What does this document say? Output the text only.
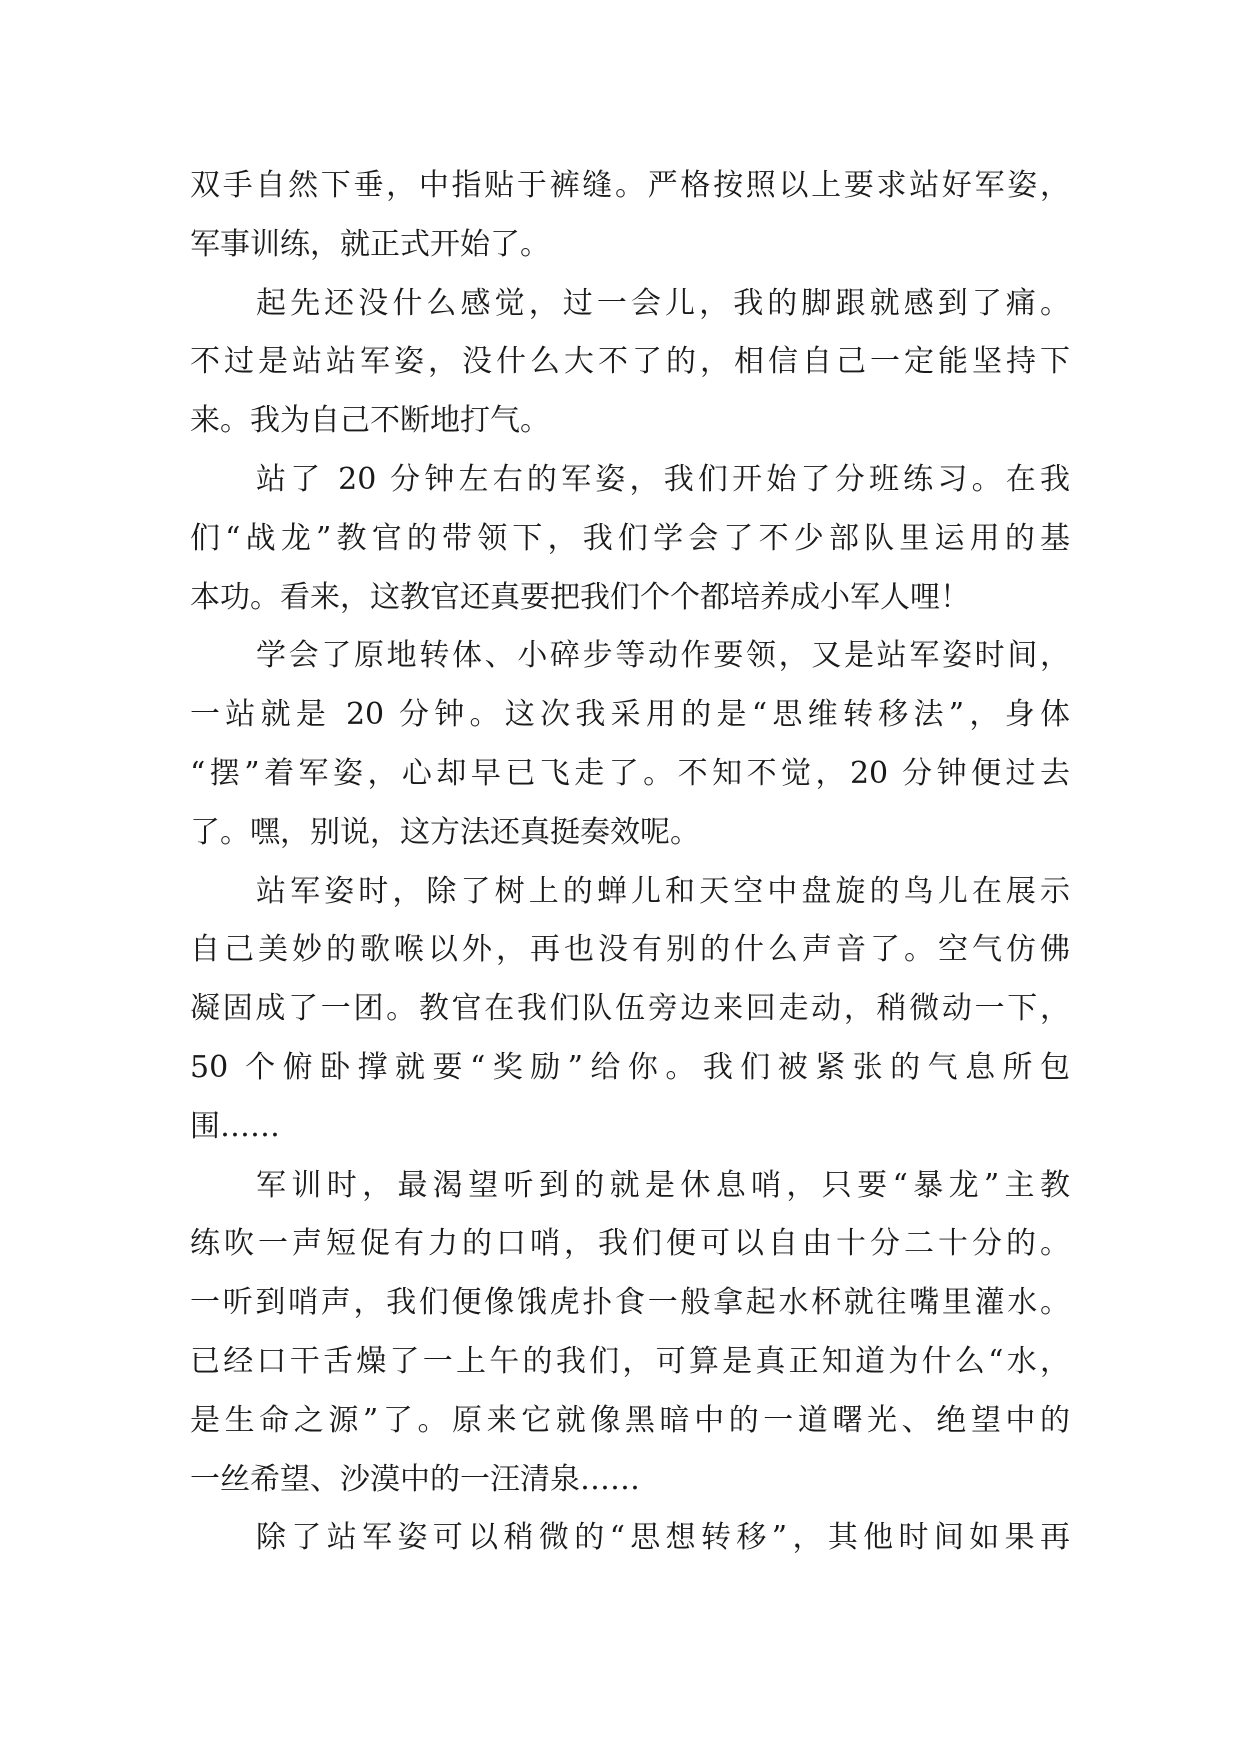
双手自然下垂，中指贴于裤缝。严格按照以上要求站好军姿，
军事训练，就正式开始了。
起先还没什么感觉，过一会儿，我的脚跟就感到了痛。
不过是站站军姿，没什么大不了的，相信自己一定能坚持下
来。我为自己不断地打气。
站了 20 分钟左右的军姿，我们开始了分班练习。在我
们“战龙”教官的带领下，我们学会了不少部队里运用的基
本功。看来，这教官还真要把我们个个都培养成小军人哩！
学会了原地转体、小碎步等动作要领，又是站军姿时间，
一站就是 20 分钟。这次我采用的是“思维转移法”，身体
“摆”着军姿，心却早已飞走了。不知不觉，20 分钟便过去
了。嘿，别说，这方法还真挺奏效呢。
站军姿时，除了树上的蝉儿和天空中盘旋的鸟儿在展示
自己美妙的歌喉以外，再也没有别的什么声音了。空气仿佛
凝固成了一团。教官在我们队伍旁边来回走动，稍微动一下，
50 个俯卧撑就要“奖励”给你。我们被紧张的气息所包
围……
军训时，最渴望听到的就是休息哨，只要“暴龙”主教
练吹一声短促有力的口哨，我们便可以自由十分二十分的。
一听到哨声，我们便像饿虎扑食一般拿起水杯就往嘴里灌水。
已经口干舌燥了一上午的我们，可算是真正知道为什么“水，
是生命之源”了。原来它就像黑暗中的一道曙光、绝望中的
一丝希望、沙漠中的一汪清泉……
除了站军姿可以稍微的“思想转移”，其他时间如果再
